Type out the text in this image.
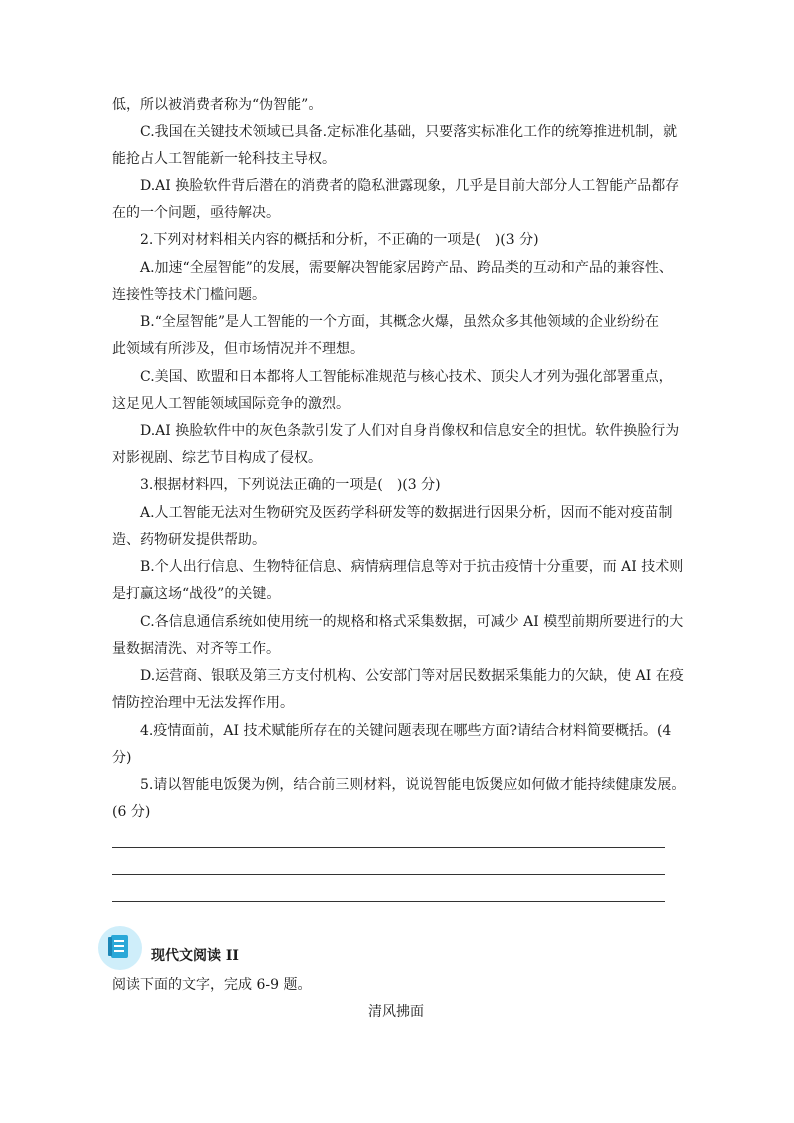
低，所以被消费者称为“伪智能”。
C.我国在关键技术领域已具备.定标准化基础，只要落实标准化工作的统筹推进机制，就
能抢占人工智能新一轮科技主导权。
D.AI 换脸软件背后潜在的消费者的隐私泄露现象，几乎是目前大部分人工智能产品都存
在的一个问题，亟待解决。
2.下列对材料相关内容的概括和分析，不正确的一项是(　)(3 分)
A.加速“全屋智能”的发展，需要解决智能家居跨产品、跨品类的互动和产品的兼容性、
连接性等技术门槛问题。
B.“全屋智能”是人工智能的一个方面，其概念火爆，虽然众多其他领域的企业纷纷在
此领域有所涉及，但市场情况并不理想。
C.美国、欧盟和日本都将人工智能标准规范与核心技术、顶尖人才列为强化部署重点，
这足见人工智能领域国际竞争的激烈。
D.AI 换脸软件中的灰色条款引发了人们对自身肖像权和信息安全的担忧。软件换脸行为
对影视剧、综艺节目构成了侵权。
3.根据材料四，下列说法正确的一项是(　)(3 分)
A.人工智能无法对生物研究及医药学科研发等的数据进行因果分析，因而不能对疫苗制
造、药物研发提供帮助。
B.个人出行信息、生物特征信息、病情病理信息等对于抗击疫情十分重要，而 AI 技术则
是打赢这场“战役”的关键。
C.各信息通信系统如使用统一的规格和格式采集数据，可减少 AI 模型前期所要进行的大
量数据清洗、对齐等工作。
D.运营商、银联及第三方支付机构、公安部门等对居民数据采集能力的欠缺，使 AI 在疫
情防控治理中无法发挥作用。
4.疫情面前，AI 技术赋能所存在的关键问题表现在哪些方面?请结合材料简要概括。(4
分)
5.请以智能电饭煲为例，结合前三则材料，说说智能电饭煲应如何做才能持续健康发展。
(6 分)
现代文阅读 II
阅读下面的文字，完成 6-9 题。
清风拂面
